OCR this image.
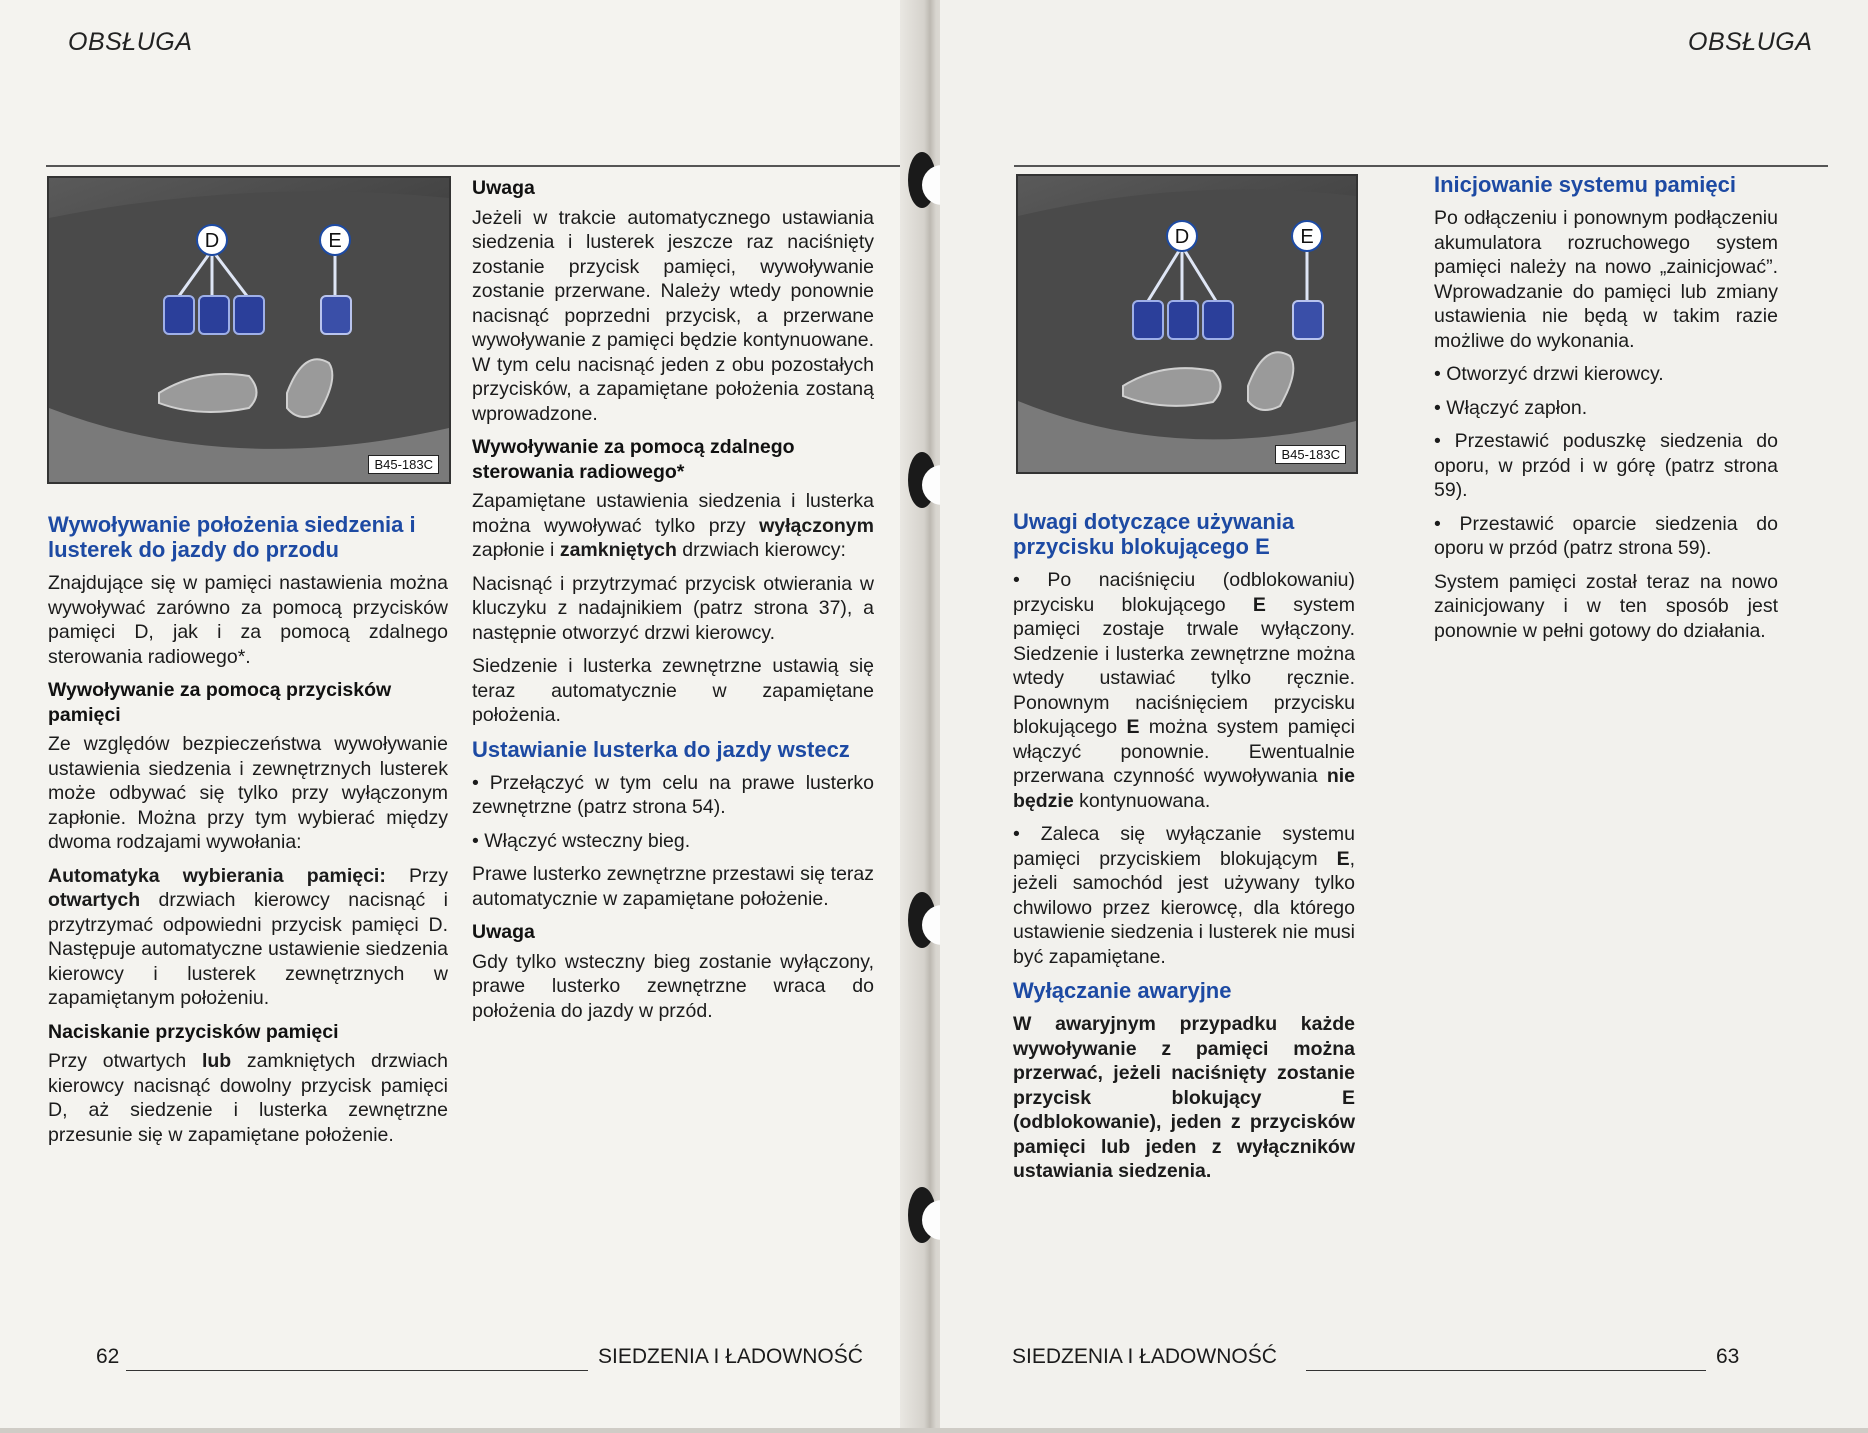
OBSŁUGA
D	E
B45-183C
Wywoływanie położenia siedzenia i lusterek do jazdy do przodu

Znajdujące się w pamięci nastawienia można wywoływać zarówno za pomocą przycisków pamięci D, jak i za pomocą zdalnego sterowania radiowego*.

Wywoływanie za pomocą przycisków pamięci

Ze względów bezpieczeństwa wywoływanie ustawienia siedzenia i zewnętrznych lusterek może odbywać się tylko przy wyłączonym zapłonie. Można przy tym wybierać między dwoma rodzajami wywołania:

Automatyka wybierania pamięci: Przy otwartych drzwiach kierowcy nacisnąć i przytrzymać odpowiedni przycisk pamięci D. Następuje automatyczne ustawienie siedzenia kierowcy i lusterek zewnętrznych w zapamiętanym położeniu.

Naciskanie przycisków pamięci

Przy otwartych lub zamkniętych drzwiach kierowcy nacisnąć dowolny przycisk pamięci D, aż siedzenie i lusterka zewnętrzne przesunie się w zapamiętane położenie.

Uwaga

Jeżeli w trakcie automatycznego ustawiania siedzenia i lusterek jeszcze raz naciśnięty zostanie przycisk pamięci, wywoływanie zostanie przerwane. Należy wtedy ponownie nacisnąć poprzedni przycisk, a przerwane wywoływanie z pamięci będzie kontynuowane. W tym celu nacisnąć jeden z obu pozostałych przycisków, a zapamiętane położenia zostaną wprowadzone.

Wywoływanie za pomocą zdalnego sterowania radiowego*

Zapamiętane ustawienia siedzenia i lusterka można wywoływać tylko przy wyłączonym zapłonie i zamkniętych drzwiach kierowcy:

Nacisnąć i przytrzymać przycisk otwierania w kluczyku z nadajnikiem (patrz strona 37), a następnie otworzyć drzwi kierowcy.

Siedzenie i lusterka zewnętrzne ustawią się teraz automatycznie w zapamiętane położenia.

Ustawianie lusterka do jazdy wstecz
• Przełączyć w tym celu na prawe lusterko zewnętrzne (patrz strona 54).
• Włączyć wsteczny bieg.

Prawe lusterko zewnętrzne przestawi się teraz automatycznie w zapamiętane położenie.

Uwaga

Gdy tylko wsteczny bieg zostanie wyłączony, prawe lusterko zewnętrzne wraca do położenia do jazdy w przód.

62	SIEDZENIA I ŁADOWNOŚĆ
OBSŁUGA
D	E
B45-183C
Uwagi dotyczące używania przycisku blokującego E
• Po naciśnięciu (odblokowaniu) przycisku blokującego E system pamięci zostaje trwale wyłączony. Siedzenie i lusterka zewnętrzne można wtedy ustawiać tylko ręcznie. Ponownym naciśnięciem przycisku blokującego E można system pamięci włączyć ponownie. Ewentualnie przerwana czynność wywoływania nie będzie kontynuowana.
• Zaleca się wyłączanie systemu pamięci przyciskiem blokującym E, jeżeli samochód jest używany tylko chwilowo przez kierowcę, dla którego ustawienie siedzenia i lusterek nie musi być zapamiętane.
Wyłączanie awaryjne

W awaryjnym przypadku każde wywoływanie z pamięci można przerwać, jeżeli naciśnięty zostanie przycisk blokujący E (odblokowanie), jeden z przycisków pamięci lub jeden z wyłączników ustawiania siedzenia.

Inicjowanie systemu pamięci

Po odłączeniu i ponownym podłączeniu akumulatora rozruchowego system pamięci należy na nowo „zainicjować”. Wprowadzanie do pamięci lub zmiany ustawienia nie będą w takim razie możliwe do wykonania.

• Otworzyć drzwi kierowcy.
• Włączyć zapłon.
• Przestawić poduszkę siedzenia do oporu, w przód i w górę (patrz strona 59).
• Przestawić oparcie siedzenia do oporu w przód (patrz strona 59).

System pamięci został teraz na nowo zainicjowany i w ten sposób jest ponownie w pełni gotowy do działania.

SIEDZENIA I ŁADOWNOŚĆ	63
